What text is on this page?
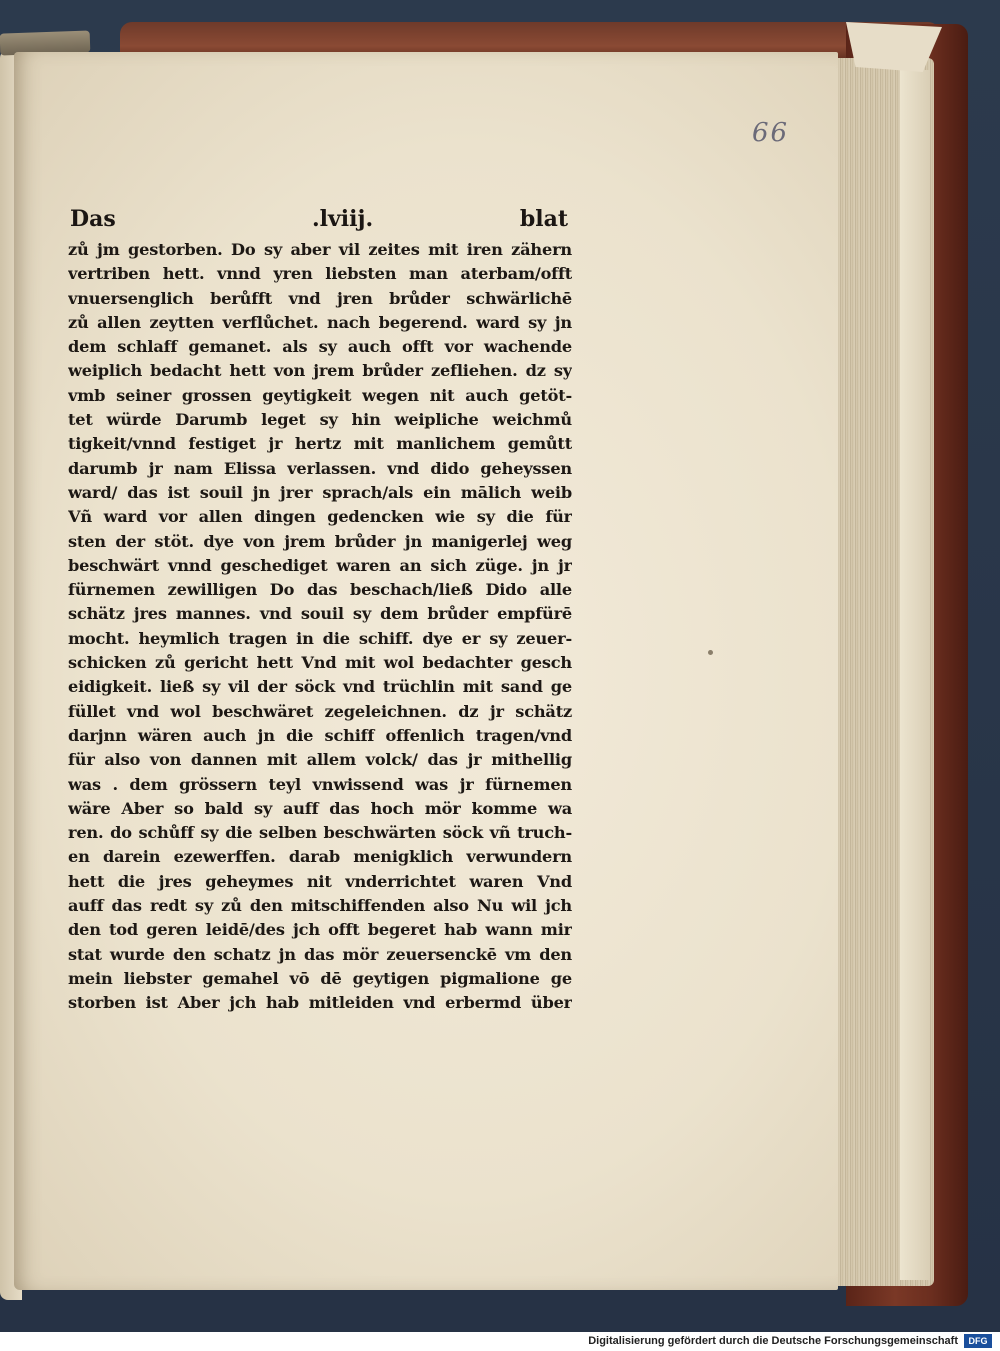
66
Das	.lviij.	blat
zů jm gestorben. Do sy aber vil zeites mit iren zähern
vertriben hett. vnnd yren liebsten man aterbam/offt
vnuersenglich berůfft vnd jren brůder schwärlichē
zů allen zeytten verflůchet. nach begerend. ward sy jn
dem schlaff gemanet. als sy auch offt vor wachende
weiplich bedacht hett von jrem brůder zefliehen. dz sy
vmb seiner grossen geytigkeit wegen nit auch getöt-
tet würde Darumb leget sy hin weipliche weichmů
tigkeit/vnnd festiget jr hertz mit manlichem gemůtt
darumb jr nam Elissa verlassen. vnd dido geheyssen
ward/ das ist souil jn jrer sprach/als ein mālich weib
Vñ ward vor allen dingen gedencken wie sy die für
sten der stöt. dye von jrem brůder jn manigerlej weg
beschwärt vnnd geschediget waren an sich züge. jn jr
fürnemen zewilligen Do das beschach/ließ Dido alle
schätz jres mannes. vnd souil sy dem brůder empfürē
mocht. heymlich tragen in die schiff. dye er sy zeuer-
schicken zů gericht hett Vnd mit wol bedachter gesch
eidigkeit. ließ sy vil der söck vnd trüchlin mit sand ge
füllet vnd wol beschwäret zegeleichnen. dz jr schätz
darjnn wären auch jn die schiff offenlich tragen/vnd
für also von dannen mit allem volck/ das jr mithellig
was . dem grössern teyl vnwissend was jr fürnemen
wäre Aber so bald sy auff das hoch mör komme wa
ren. do schůff sy die selben beschwärten söck vñ truch-
en darein ezewerffen. darab menigklich verwundern
hett die jres geheymes nit vnderrichtet waren Vnd
auff das redt sy zů den mitschiffenden also Nu wil jch
den tod geren leidē/des jch offt begeret hab wann mir
stat wurde den schatz jn das mör zeuersenckē vm den
mein liebster gemahel vō dē geytigen pigmalione ge
storben ist Aber jch hab mitleiden vnd erbermd über
Digitalisierung gefördert durch die Deutsche Forschungsgemeinschaft	DFG
